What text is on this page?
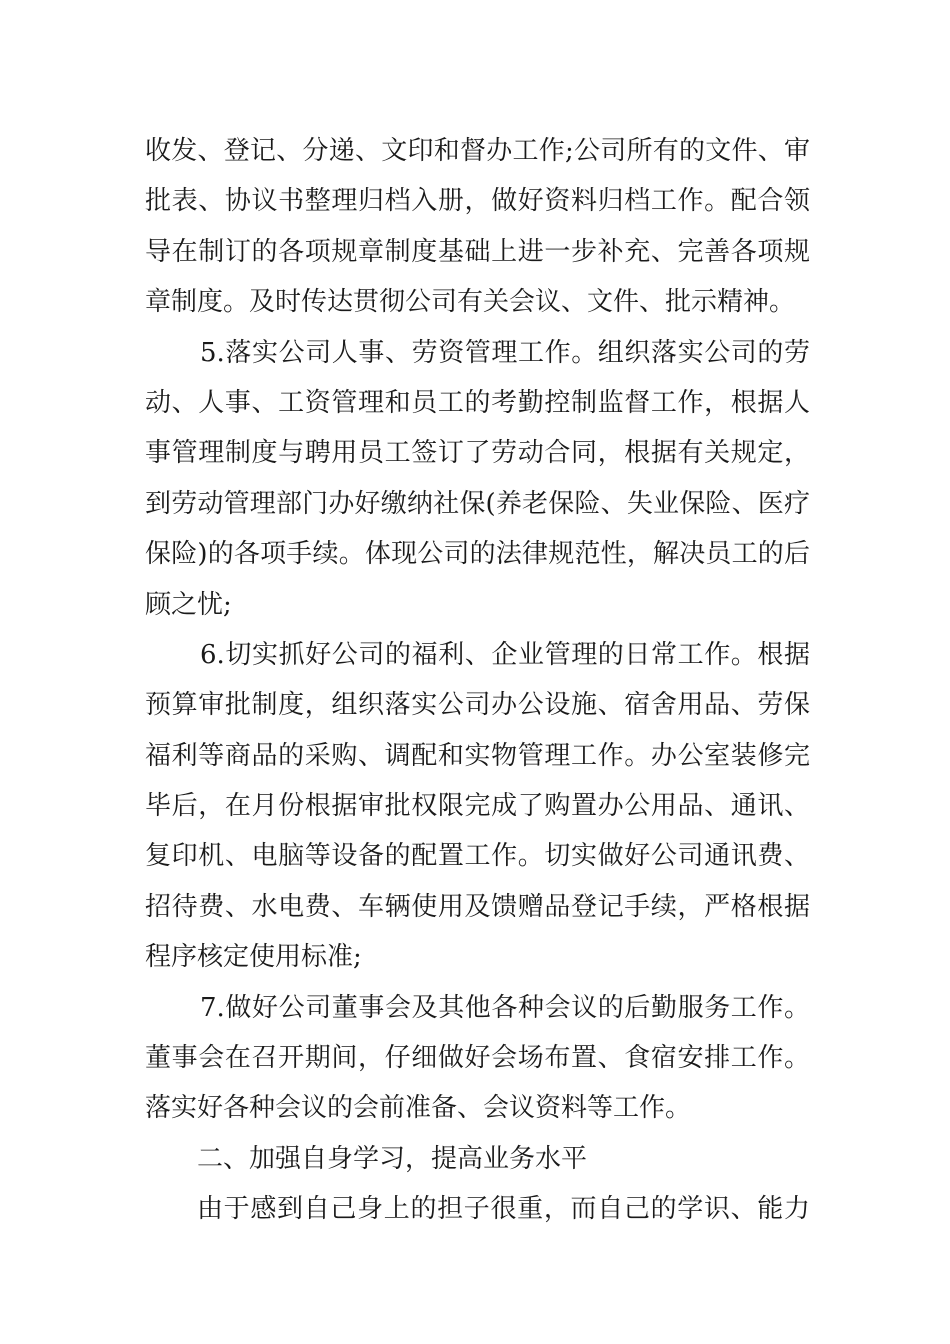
收发、登记、分递、文印和督办工作;公司所有的文件、审
批表、协议书整理归档入册，做好资料归档工作。配合领
导在制订的各项规章制度基础上进一步补充、完善各项规
章制度。及时传达贯彻公司有关会议、文件、批示精神。
5.落实公司人事、劳资管理工作。组织落实公司的劳
动、人事、工资管理和员工的考勤控制监督工作，根据人
事管理制度与聘用员工签订了劳动合同，根据有关规定，
到劳动管理部门办好缴纳社保(养老保险、失业保险、医疗
保险)的各项手续。体现公司的法律规范性，解决员工的后
顾之忧;
6.切实抓好公司的福利、企业管理的日常工作。根据
预算审批制度，组织落实公司办公设施、宿舍用品、劳保
福利等商品的采购、调配和实物管理工作。办公室装修完
毕后，在月份根据审批权限完成了购置办公用品、通讯、
复印机、电脑等设备的配置工作。切实做好公司通讯费、
招待费、水电费、车辆使用及馈赠品登记手续，严格根据
程序核定使用标准;
7.做好公司董事会及其他各种会议的后勤服务工作。
董事会在召开期间，仔细做好会场布置、食宿安排工作。
落实好各种会议的会前准备、会议资料等工作。
二、加强自身学习，提高业务水平
由于感到自己身上的担子很重，而自己的学识、能力
